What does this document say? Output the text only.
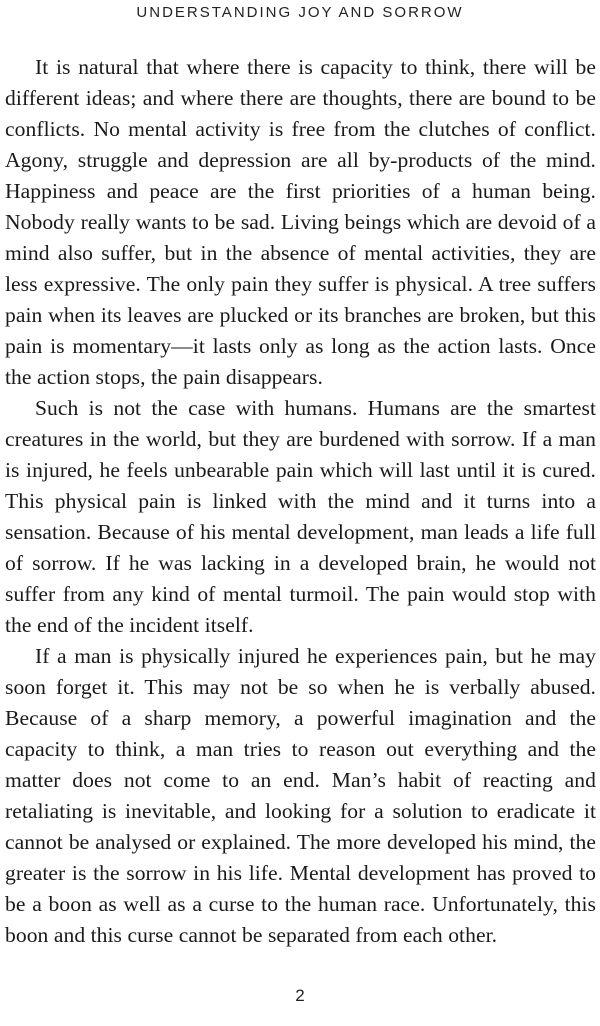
UNDERSTANDING JOY AND SORROW

It is natural that where there is capacity to think, there will be different ideas; and where there are thoughts, there are bound to be conflicts. No mental activity is free from the clutches of conflict. Agony, struggle and depression are all by-products of the mind. Happiness and peace are the first priorities of a human being. Nobody really wants to be sad. Living beings which are devoid of a mind also suffer, but in the absence of mental activities, they are less expressive. The only pain they suffer is physical. A tree suffers pain when its leaves are plucked or its branches are broken, but this pain is momentary—it lasts only as long as the action lasts. Once the action stops, the pain disappears.

Such is not the case with humans. Humans are the smartest creatures in the world, but they are burdened with sorrow. If a man is injured, he feels unbearable pain which will last until it is cured. This physical pain is linked with the mind and it turns into a sensation. Because of his mental development, man leads a life full of sorrow. If he was lacking in a developed brain, he would not suffer from any kind of mental turmoil. The pain would stop with the end of the incident itself.

If a man is physically injured he experiences pain, but he may soon forget it. This may not be so when he is verbally abused. Because of a sharp memory, a powerful imagination and the capacity to think, a man tries to reason out everything and the matter does not come to an end. Man’s habit of reacting and retaliating is inevitable, and looking for a solution to eradicate it cannot be analysed or explained. The more developed his mind, the greater is the sorrow in his life. Mental development has proved to be a boon as well as a curse to the human race. Unfortunately, this boon and this curse cannot be separated from each other.

2
